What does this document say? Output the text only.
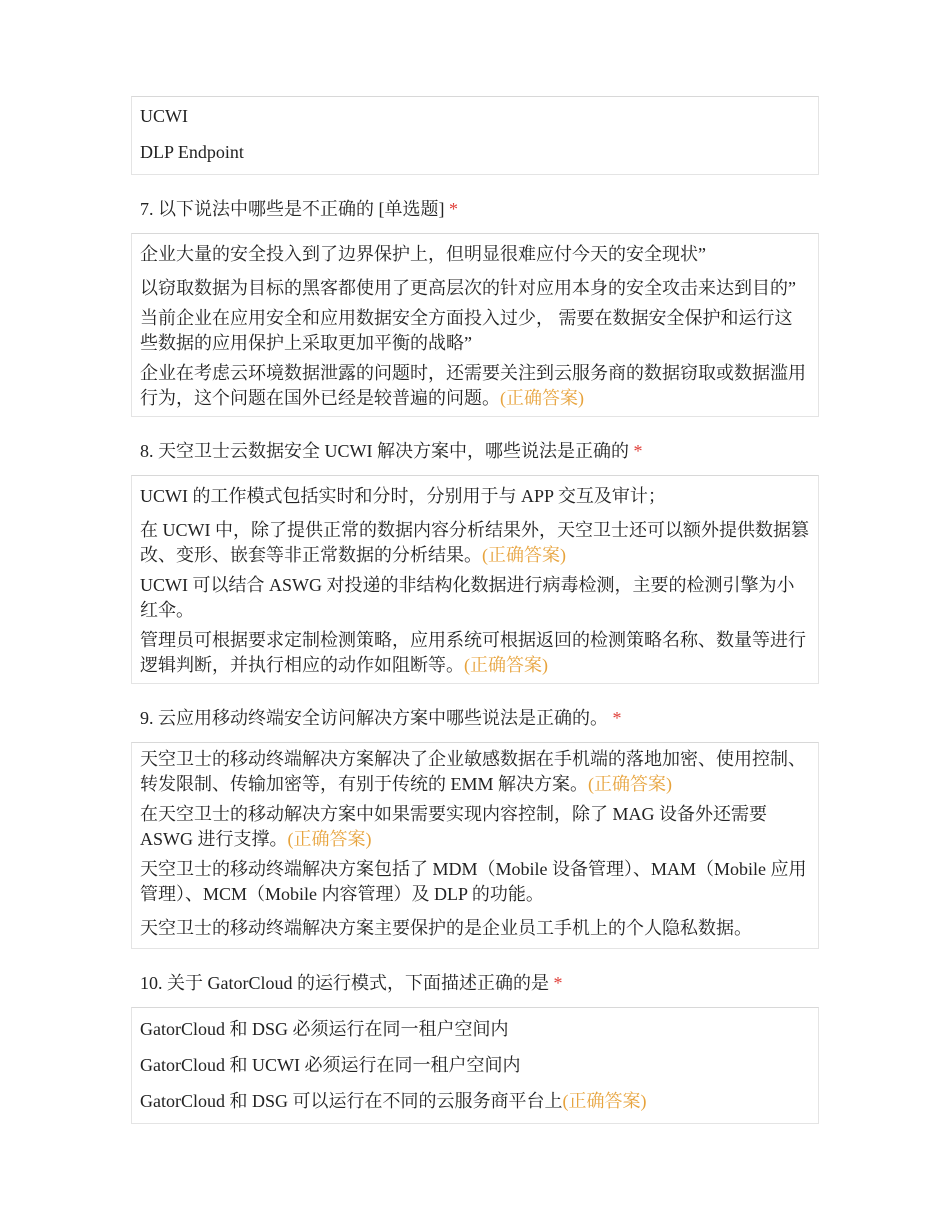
UCWI
DLP Endpoint
7. 以下说法中哪些是不正确的 [单选题] *
企业大量的安全投入到了边界保护上，但明显很难应付今天的安全现状”
以窃取数据为目标的黑客都使用了更高层次的针对应用本身的安全攻击来达到目的”
当前企业在应用安全和应用数据安全方面投入过少， 需要在数据安全保护和运行这些数据的应用保护上采取更加平衡的战略”
企业在考虑云环境数据泄露的问题时，还需要关注到云服务商的数据窃取或数据滥用行为，这个问题在国外已经是较普遍的问题。(正确答案)
8. 天空卫士云数据安全 UCWI 解决方案中，哪些说法是正确的 *
UCWI 的工作模式包括实时和分时，分别用于与 APP 交互及审计；
在 UCWI 中，除了提供正常的数据内容分析结果外，天空卫士还可以额外提供数据篡改、变形、嵌套等非正常数据的分析结果。(正确答案)
UCWI 可以结合 ASWG 对投递的非结构化数据进行病毒检测，主要的检测引擎为小红伞。
管理员可根据要求定制检测策略，应用系统可根据返回的检测策略名称、数量等进行逻辑判断，并执行相应的动作如阻断等。(正确答案)
9. 云应用移动终端安全访问解决方案中哪些说法是正确的。 *
天空卫士的移动终端解决方案解决了企业敏感数据在手机端的落地加密、使用控制、转发限制、传输加密等，有别于传统的 EMM 解决方案。(正确答案)
在天空卫士的移动解决方案中如果需要实现内容控制，除了 MAG 设备外还需要 ASWG 进行支撑。(正确答案)
天空卫士的移动终端解决方案包括了 MDM（Mobile 设备管理）、MAM（Mobile 应用管理）、MCM（Mobile 内容管理）及 DLP 的功能。
天空卫士的移动终端解决方案主要保护的是企业员工手机上的个人隐私数据。
10. 关于 GatorCloud 的运行模式，下面描述正确的是 *
GatorCloud 和 DSG 必须运行在同一租户空间内
GatorCloud 和 UCWI 必须运行在同一租户空间内
GatorCloud 和 DSG 可以运行在不同的云服务商平台上(正确答案)
